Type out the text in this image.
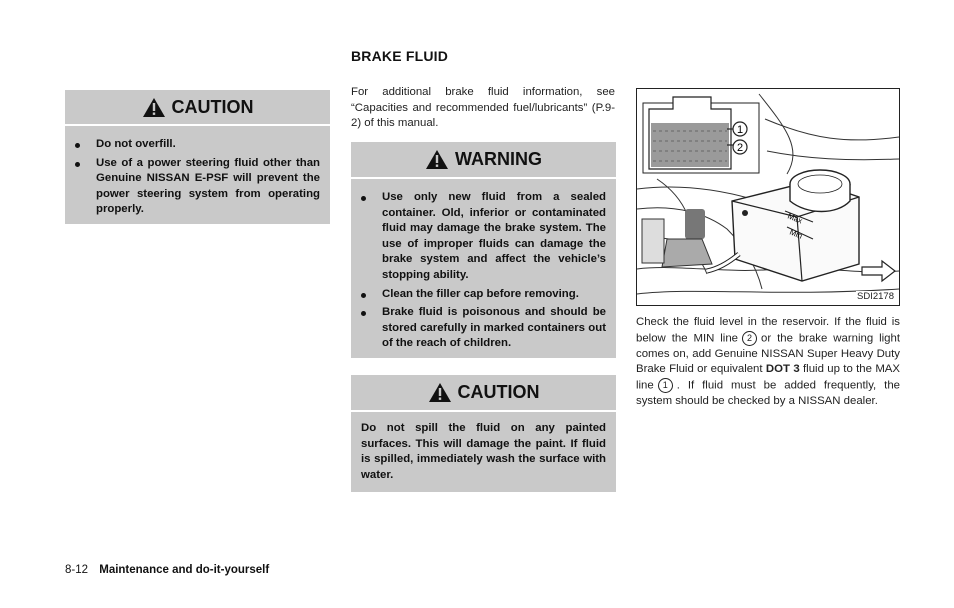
CAUTION
Do not overfill.
Use of a power steering fluid other than Genuine NISSAN E-PSF will prevent the power steering system from operating properly.
BRAKE FLUID
For additional brake fluid information, see “Capacities and recommended fuel/lubricants” (P.9-2) of this manual.
WARNING
Use only new fluid from a sealed container. Old, inferior or contaminated fluid may damage the brake system. The use of improper fluids can damage the brake system and affect the vehicle’s stopping ability.
Clean the filler cap before removing.
Brake fluid is poisonous and should be stored carefully in marked containers out of the reach of children.
CAUTION
Do not spill the fluid on any painted surfaces. This will damage the paint. If fluid is spilled, immediately wash the surface with water.
1
2
Max
Min
SDI2178
Check the fluid level in the reservoir. If the fluid is below the MIN line 2 or the brake warning light comes on, add Genuine NISSAN Super Heavy Duty Brake Fluid or equivalent DOT 3 fluid up to the MAX line 1 . If fluid must be added frequently, the system should be checked by a NISSAN dealer.
8-12 Maintenance and do-it-yourself
